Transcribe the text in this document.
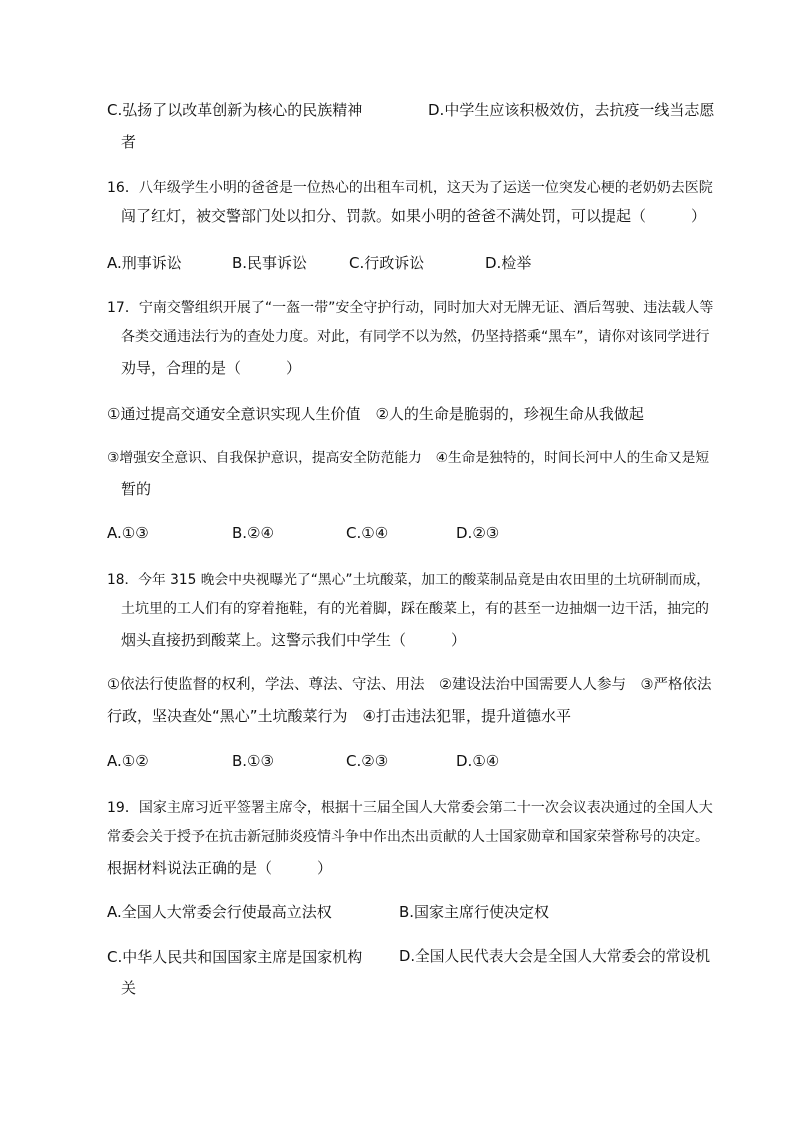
C.弘扬了以改革创新为核心的民族精神	D.中学生应该积极效仿，去抗疫一线当志愿
者
16．八年级学生小明的爸爸是一位热心的出租车司机，这天为了运送一位突发心梗的老奶奶去医院
闯了红灯，被交警部门处以扣分、罚款。如果小明的爸爸不满处罚，可以提起（　　　）
A.刑事诉讼	B.民事诉讼	C.行政诉讼	D.检举
17．宁南交警组织开展了“一盔一带”安全守护行动，同时加大对无牌无证、酒后驾驶、违法载人等
各类交通违法行为的查处力度。对此，有同学不以为然，仍坚持搭乘“黑车”，请你对该同学进行
劝导，合理的是（　　　）
①通过提高交通安全意识实现人生价值　②人的生命是脆弱的，珍视生命从我做起
③增强安全意识、自我保护意识，提高安全防范能力　④生命是独特的，时间长河中人的生命又是短
暂的
A.①③	B.②④	C.①④	D.②③
18．今年 315 晚会中央视曝光了“黑心”土坑酸菜，加工的酸菜制品竟是由农田里的土坑研制而成，
土坑里的工人们有的穿着拖鞋，有的光着脚，踩在酸菜上，有的甚至一边抽烟一边干活，抽完的
烟头直接扔到酸菜上。这警示我们中学生（　　　）
①依法行使监督的权利，学法、尊法、守法、用法　②建设法治中国需要人人参与　③严格依法
行政，坚决查处“黑心”土坑酸菜行为　④打击违法犯罪，提升道德水平
A.①②	B.①③	C.②③	D.①④
19．国家主席习近平签署主席令，根据十三届全国人大常委会第二十一次会议表决通过的全国人大
常委会关于授予在抗击新冠肺炎疫情斗争中作出杰出贡献的人士国家勋章和国家荣誉称号的决定。
根据材料说法正确的是（　　　）
A.全国人大常委会行使最高立法权	B.国家主席行使决定权
C.中华人民共和国国家主席是国家机构 D.全国人民代表大会是全国人大常委会的常设机
关
